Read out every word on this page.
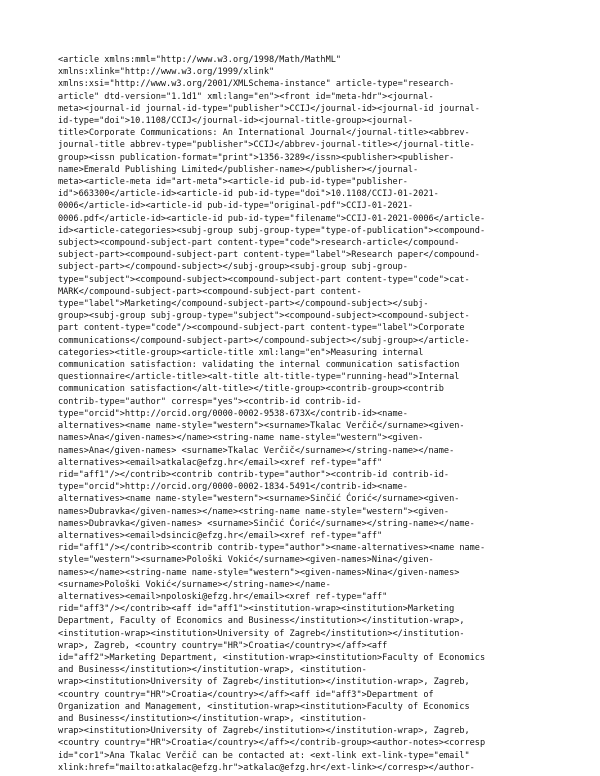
<article xmlns:mml="http://www.w3.org/1998/Math/MathML"
xmlns:xlink="http://www.w3.org/1999/xlink"
xmlns:xsi="http://www.w3.org/2001/XMLSchema-instance" article-type="research-
article" dtd-version="1.1d1" xml:lang="en"><front id="meta-hdr"><journal-
meta><journal-id journal-id-type="publisher">CCIJ</journal-id><journal-id journal-
id-type="doi">10.1108/CCIJ</journal-id><journal-title-group><journal-
title>Corporate Communications: An International Journal</journal-title><abbrev-
journal-title abbrev-type="publisher">CCIJ</abbrev-journal-title></journal-title-
group><issn publication-format="print">1356-3289</issn><publisher><publisher-
name>Emerald Publishing Limited</publisher-name></publisher></journal-
meta><article-meta id="art-meta"><article-id pub-id-type="publisher-
id">663300</article-id><article-id pub-id-type="doi">10.1108/CCIJ-01-2021-
0006</article-id><article-id pub-id-type="original-pdf">CCIJ-01-2021-
0006.pdf</article-id><article-id pub-id-type="filename">CCIJ-01-2021-0006</article-
id><article-categories><subj-group subj-group-type="type-of-publication"><compound-
subject><compound-subject-part content-type="code">research-article</compound-
subject-part><compound-subject-part content-type="label">Research paper</compound-
subject-part></compound-subject></subj-group><subj-group subj-group-
type="subject"><compound-subject><compound-subject-part content-type="code">cat-
MARK</compound-subject-part><compound-subject-part content-
type="label">Marketing</compound-subject-part></compound-subject></subj-
group><subj-group subj-group-type="subject"><compound-subject><compound-subject-
part content-type="code"/><compound-subject-part content-type="label">Corporate
communications</compound-subject-part></compound-subject></subj-group></article-
categories><title-group><article-title xml:lang="en">Measuring internal
communication satisfaction: validating the internal communication satisfaction
questionnaire</article-title><alt-title alt-title-type="running-head">Internal
communication satisfaction</alt-title></title-group><contrib-group><contrib
contrib-type="author" corresp="yes"><contrib-id contrib-id-
type="orcid">http://orcid.org/0000-0002-9538-673X</contrib-id><name-
alternatives><name name-style="western"><surname>Tkalac Verčič</surname><given-
names>Ana</given-names></name><string-name name-style="western"><given-
names>Ana</given-names> <surname>Tkalac Verčič</surname></string-name></name-
alternatives><email>atkalac@efzg.hr</email><xref ref-type="aff"
rid="aff1"/></contrib><contrib contrib-type="author"><contrib-id contrib-id-
type="orcid">http://orcid.org/0000-0002-1834-5491</contrib-id><name-
alternatives><name name-style="western"><surname>Sinčić Ćorić</surname><given-
names>Dubravka</given-names></name><string-name name-style="western"><given-
names>Dubravka</given-names> <surname>Sinčić Ćorić</surname></string-name></name-
alternatives><email>dsincic@efzg.hr</email><xref ref-type="aff"
rid="aff1"/></contrib><contrib contrib-type="author"><name-alternatives><name name-
style="western"><surname>Pološki Vokić</surname><given-names>Nina</given-
names></name><string-name name-style="western"><given-names>Nina</given-names>
<surname>Pološki Vokić</surname></string-name></name-
alternatives><email>npoloski@efzg.hr</email><xref ref-type="aff"
rid="aff3"/></contrib><aff id="aff1"><institution-wrap><institution>Marketing
Department, Faculty of Economics and Business</institution></institution-wrap>,
<institution-wrap><institution>University of Zagreb</institution></institution-
wrap>, Zagreb, <country country="HR">Croatia</country></aff><aff
id="aff2">Marketing Department, <institution-wrap><institution>Faculty of Economics
and Business</institution></institution-wrap>, <institution-
wrap><institution>University of Zagreb</institution></institution-wrap>, Zagreb,
<country country="HR">Croatia</country></aff><aff id="aff3">Department of
Organization and Management, <institution-wrap><institution>Faculty of Economics
and Business</institution></institution-wrap>, <institution-
wrap><institution>University of Zagreb</institution></institution-wrap>, Zagreb,
<country country="HR">Croatia</country></aff></contrib-group><author-notes><corresp
id="cor1">Ana Tkalac Verčič can be contacted at: <ext-link ext-link-type="email"
xlink:href="mailto:atkalac@efzg.hr">atkalac@efzg.hr</ext-link></corresp></author-
